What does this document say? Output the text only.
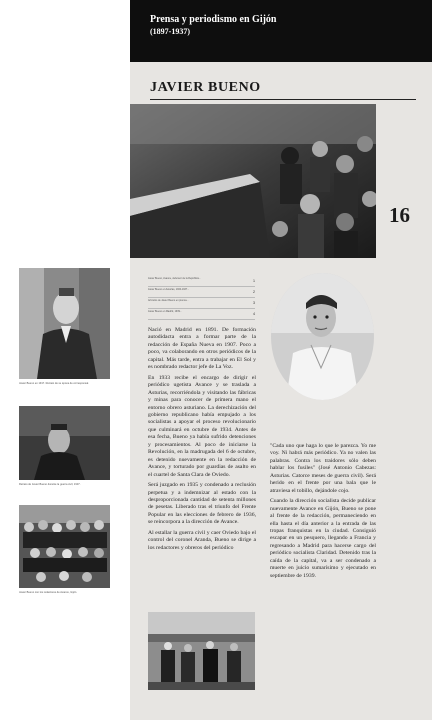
Prensa y periodismo en Gijón
(1897-1937)
JAVIER BUENO
16
Javier Bueno en 1917. Retrato de su época de corresponsal.
Retrato de Javier Bueno durante la guerra civil, 1937.
Javier Bueno con los redactores de Avance, Gijón.
Javier Bueno, Avance, defensor de la República...
1
Javier Bueno en Asturias, 1934-1937...
2
Artículos de Javier Bueno en prensa...
3
Javier Bueno en Madrid, 1939...
4

Nació en Madrid en 1891. De formación autodidacta entra a formar parte de la redacción de España Nueva en 1907. Poco a poco, va colaborando en otros periódicos de la capital. Más tarde, entra a trabajar en El Sol y es nombrado redactor jefe de La Voz.

En 1933 recibe el encargo de dirigir el periódico ugetista Avance y se traslada a Asturias, recorriéndola y visitando las fábricas y minas para conocer de primera mano el entorno obrero asturiano. La derechización del gobierno republicano había empujado a los socialistas a apoyar el proceso revolucionario que culminará en octubre de 1934. Antes de esa fecha, Bueno ya había sufrido detenciones y procesamientos. Al poco de iniciarse la Revolución, en la madrugada del 6 de octubre, es detenido nuevamente en la redacción de Avance, y torturado por guardias de asalto en el cuartel de Santa Clara de Oviedo.

Será juzgado en 1935 y condenado a reclusión perpetua y a indemnizar al estado con la desproporcionada cantidad de setenta millones de pesetas. Liberado tras el triunfo del Frente Popular en las elecciones de febrero de 1936, se reincorpora a la dirección de Avance.

Al estallar la guerra civil y caer Oviedo bajo el control del coronel Aranda, Bueno se dirige a los redactores y obreros del periódico

"Cada uno que haga lo que le parezca. Yo me voy. Ni habrá más periódico. Ya no valen las palabras. Contra los traidores sólo deben hablar los fusiles" (José Antonio Cabezas: Asturias. Catorce meses de guerra civil). Será herido en el frente por una bala que le atraviesa el tobillo, dejándole cojo.

Cuando la dirección socialista decide publicar nuevamente Avance en Gijón, Bueno se pone al frente de la redacción, permaneciendo en ella hasta el día anterior a la entrada de las tropas franquistas en la ciudad. Consiguió escapar en un pesquero, llegando a Francia y regresando a Madrid para hacerse cargo del periódico socialista Claridad. Detenido tras la caída de la capital, va a ser condenado a muerte en juicio sumarísimo y ejecutado en septiembre de 1939.
